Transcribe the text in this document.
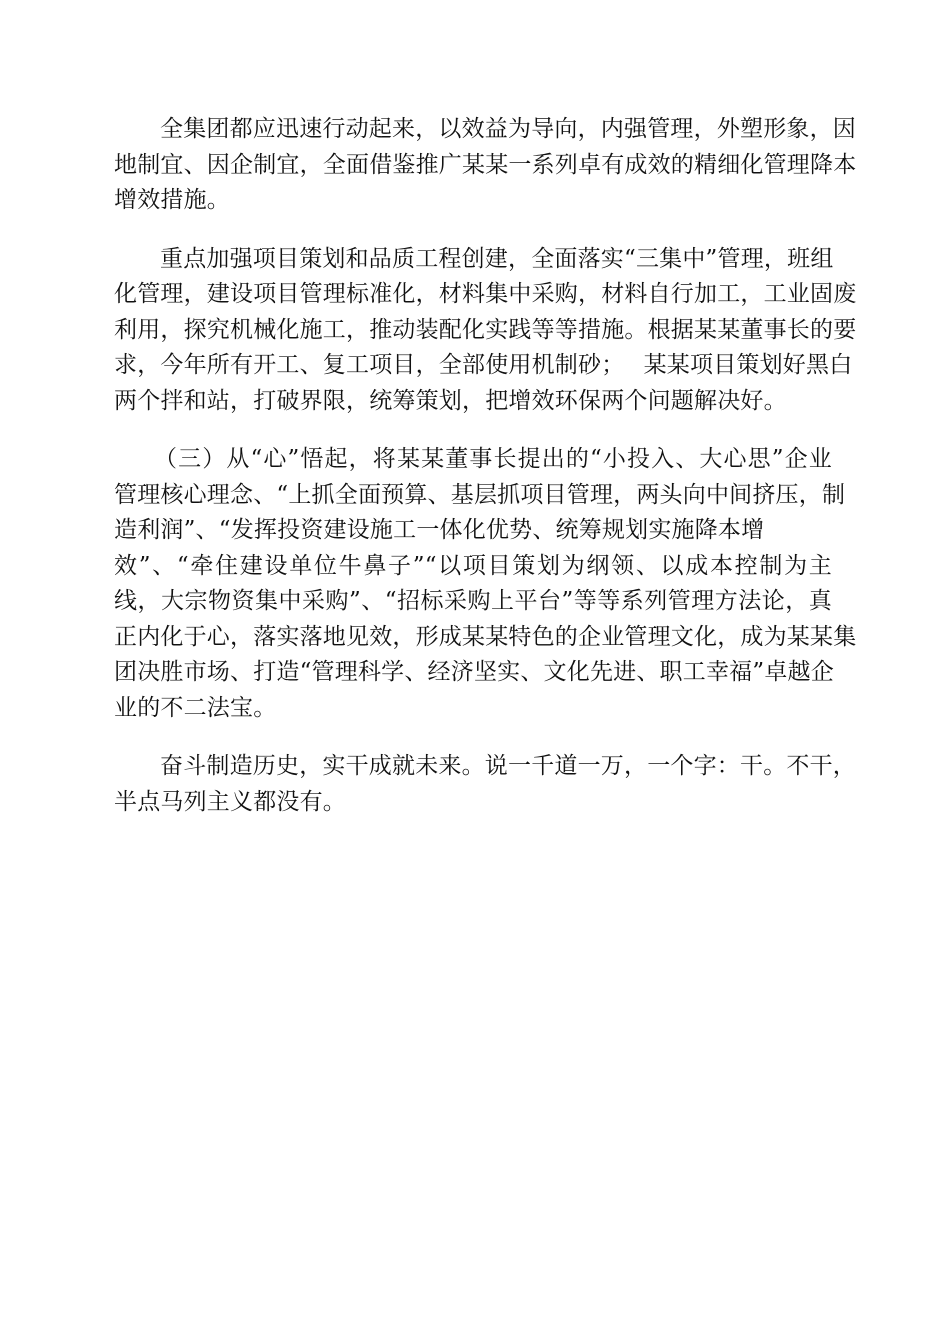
全集团都应迅速行动起来，以效益为导向，内强管理，外塑形象，因
地制宜、因企制宜，全面借鉴推广某某一系列卓有成效的精细化管理降本
增效措施。

重点加强项目策划和品质工程创建，全面落实“三集中”管理，班组
化管理，建设项目管理标准化，材料集中采购，材料自行加工，工业固废
利用，探究机械化施工，推动装配化实践等等措施。根据某某董事长的要
求，今年所有开工、复工项目，全部使用机制砂；　 某某项目策划好黑白
两个拌和站，打破界限，统筹策划，把增效环保两个问题解决好。

（三）从“心”悟起，将某某董事长提出的“小投入、大心思”企业
管理核心理念、“上抓全面预算、基层抓项目管理，两头向中间挤压，制
造利润”、“发挥投资建设施工一体化优势、统筹规划实施降本增
效”、“牵住建设单位牛鼻子”“以项目策划为纲领、以成本控制为主
线，大宗物资集中采购”、“招标采购上平台”等等系列管理方法论，真
正内化于心，落实落地见效，形成某某特色的企业管理文化，成为某某集
团决胜市场、打造“管理科学、经济坚实、文化先进、职工幸福”卓越企
业的不二法宝。

奋斗制造历史，实干成就未来。说一千道一万，一个字：干。不干，
半点马列主义都没有。
